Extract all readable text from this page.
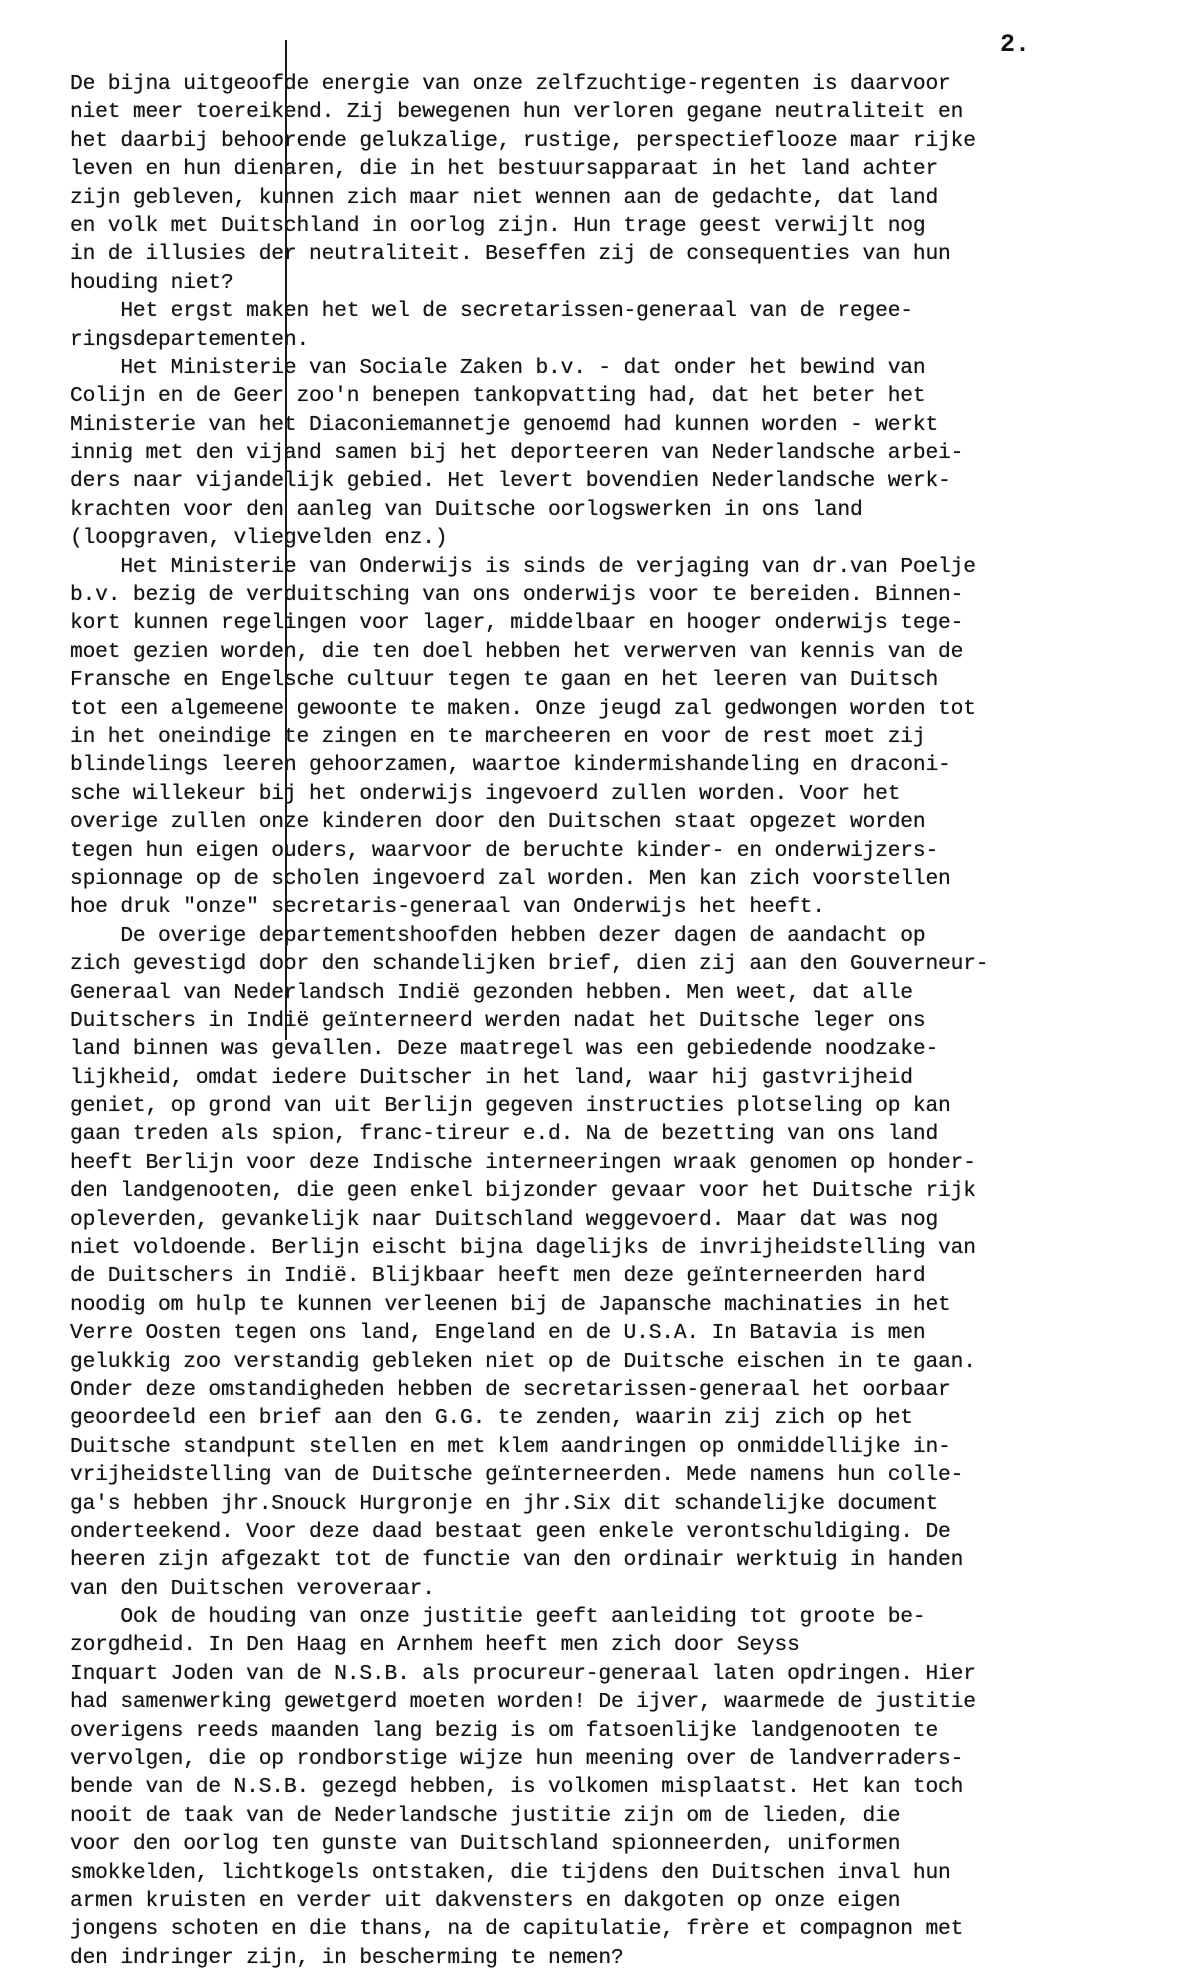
2.
De bijna uitgeoofde energie van onze zelfzuchtige-regenten is daarvoor
niet meer toereikend. Zij bewegenen hun verloren gegane neutraliteit en
het daarbij behoorende gelukzalige, rustige, perspectieflooze maar rijke
leven en hun dienaren, die in het bestuursapparaat in het land achter
zijn gebleven, kunnen zich maar niet wennen aan de gedachte, dat land
en volk met Duitschland in oorlog zijn. Hun trage geest verwijlt nog
in de illusies der neutraliteit. Beseffen zij de consequenties van hun
houding niet?
Het ergst maken het wel de secretarissen-generaal van de regee-
ringsdepartementen.
Het Ministerie van Sociale Zaken b.v. - dat onder het bewind van
Colijn en de Geer zoo'n benepen tankopvatting had, dat het beter het
Ministerie van het Diaconiemannetje genoemd had kunnen worden - werkt
innig met den vijand samen bij het deporteeren van Nederlandsche arbei-
ders naar vijandelijk gebied. Het levert bovendien Nederlandsche werk-
krachten voor den aanleg van Duitsche oorlogswerken in ons land
(loopgraven, vliegvelden enz.)
Het Ministerie van Onderwijs is sinds de verjaging van dr.van Poelje
b.v. bezig de verduitsching van ons onderwijs voor te bereiden. Binnen-
kort kunnen regelingen voor lager, middelbaar en hooger onderwijs tege-
moet gezien worden, die ten doel hebben het verwerven van kennis van de
Fransche en Engelsche cultuur tegen te gaan en het leeren van Duitsch
tot een algemeene gewoonte te maken. Onze jeugd zal gedwongen worden tot
in het oneindige te zingen en te marcheeren en voor de rest moet zij
blindelings leeren gehoorzamen, waartoe kindermishandeling en draconi-
sche willekeur bij het onderwijs ingevoerd zullen worden. Voor het
overige zullen onze kinderen door den Duitschen staat opgezet worden
tegen hun eigen ouders, waarvoor de beruchte kinder- en onderwijzers-
spionnage op de scholen ingevoerd zal worden. Men kan zich voorstellen
hoe druk "onze" secretaris-generaal van Onderwijs het heeft.
De overige departementshoofden hebben dezer dagen de aandacht op
zich gevestigd door den schandelijken brief, dien zij aan den Gouverneur-
Generaal van Nederlandsch Indië gezonden hebben. Men weet, dat alle
Duitschers in Indië geïnterneerd werden nadat het Duitsche leger ons
land binnen was gevallen. Deze maatregel was een gebiedende noodzake-
lijkheid, omdat iedere Duitscher in het land, waar hij gastvrijheid
geniet, op grond van uit Berlijn gegeven instructies plotseling op kan
gaan treden als spion, franc-tireur e.d. Na de bezetting van ons land
heeft Berlijn voor deze Indische interneeringen wraak genomen op honder-
den landgenooten, die geen enkel bijzonder gevaar voor het Duitsche rijk
opleverden, gevankelijk naar Duitschland weggevoerd. Maar dat was nog
niet voldoende. Berlijn eischt bijna dagelijks de invrijheidstelling van
de Duitschers in Indië. Blijkbaar heeft men deze geïnterneerden hard
noodig om hulp te kunnen verleenen bij de Japansche machinaties in het
Verre Oosten tegen ons land, Engeland en de U.S.A. In Batavia is men
gelukkig zoo verstandig gebleken niet op de Duitsche eischen in te gaan.
Onder deze omstandigheden hebben de secretarissen-generaal het oorbaar
geoordeeld een brief aan den G.G. te zenden, waarin zij zich op het
Duitsche standpunt stellen en met klem aandringen op onmiddellijke in-
vrijheidstelling van de Duitsche geïnterneerden. Mede namens hun colle-
ga's hebben jhr.Snouck Hurgronje en jhr.Six dit schandelijke document
onderteekend. Voor deze daad bestaat geen enkele verontschuldiging. De
heeren zijn afgezakt tot de functie van den ordinair werktuig in handen
van den Duitschen veroveraar.
Ook de houding van onze justitie geeft aanleiding tot groote be-
zorgdheid. In Den Haag en Arnhem heeft men zich door Seyss
Inquart Joden van de N.S.B. als procureur-generaal laten opdringen. Hier
had samenwerking gewetgerd moeten worden! De ijver, waarmede de justitie
overigens reeds maanden lang bezig is om fatsoenlijke landgenooten te
vervolgen, die op rondborstige wijze hun meening over de landverraders-
bende van de N.S.B. gezegd hebben, is volkomen misplaatst. Het kan toch
nooit de taak van de Nederlandsche justitie zijn om de lieden, die
voor den oorlog ten gunste van Duitschland spionneerden, uniformen
smokkelden, lichtkogels ontstaken, die tijdens den Duitschen inval hun
armen kruisten en verder uit dakvensters en dakgoten op onze eigen
jongens schoten en die thans, na de capitulatie, frère et compagnon met
den indringer zijn, in bescherming te nemen?
